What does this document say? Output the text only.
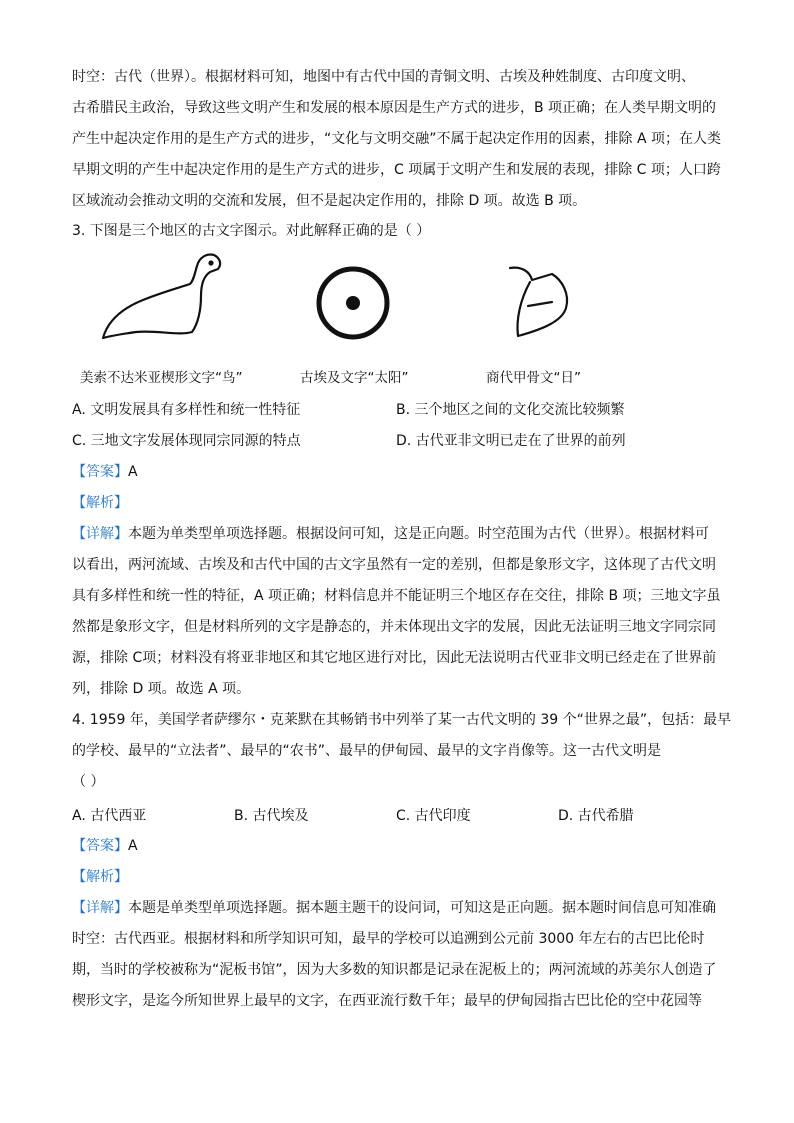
时空：古代（世界）。根据材料可知，地图中有古代中国的青铜文明、古埃及种姓制度、古印度文明、
古希腊民主政治，导致这些文明产生和发展的根本原因是生产方式的进步，B 项正确；在人类早期文明的
产生中起决定作用的是生产方式的进步，“文化与文明交融”不属于起决定作用的因素，排除 A 项；在人类
早期文明的产生中起决定作用的是生产方式的进步，C 项属于文明产生和发展的表现，排除 C 项；人口跨
区域流动会推动文明的交流和发展，但不是起决定作用的，排除 D 项。故选 B 项。
3. 下图是三个地区的古文字图示。对此解释正确的是（ ）
美索不达米亚楔形文字“鸟”	古埃及文字“太阳”	商代甲骨文“日”
A. 文明发展具有多样性和统一性特征	B. 三个地区之间的文化交流比较频繁
C. 三地文字发展体现同宗同源的特点	D. 古代亚非文明已走在了世界的前列
【答案】A
【解析】
【详解】本题为单类型单项选择题。根据设问可知，这是正向题。时空范围为古代（世界）。根据材料可
以看出，两河流域、古埃及和古代中国的古文字虽然有一定的差别，但都是象形文字，这体现了古代文明
具有多样性和统一性的特征，A 项正确；材料信息并不能证明三个地区存在交往，排除 B 项；三地文字虽
然都是象形文字，但是材料所列的文字是静态的，并未体现出文字的发展，因此无法证明三地文字同宗同
源，排除 C项；材料没有将亚非地区和其它地区进行对比，因此无法说明古代亚非文明已经走在了世界前
列，排除 D 项。故选 A 项。
4. 1959 年，美国学者萨缪尔・克莱默在其畅销书中列举了某一古代文明的 39 个“世界之最”，包括：最早
的学校、最早的“立法者”、最早的“农书”、最早的伊甸园、最早的文字肖像等。这一古代文明是
（ ）
A. 古代西亚	B. 古代埃及	C. 古代印度	D. 古代希腊
【答案】A
【解析】
【详解】本题是单类型单项选择题。据本题主题干的设问词，可知这是正向题。据本题时间信息可知准确
时空：古代西亚。根据材料和所学知识可知，最早的学校可以追溯到公元前 3000 年左右的古巴比伦时
期，当时的学校被称为“泥板书馆”，因为大多数的知识都是记录在泥板上的；两河流域的苏美尔人创造了
楔形文字，是迄今所知世界上最早的文字，在西亚流行数千年；最早的伊甸园指古巴比伦的空中花园等
